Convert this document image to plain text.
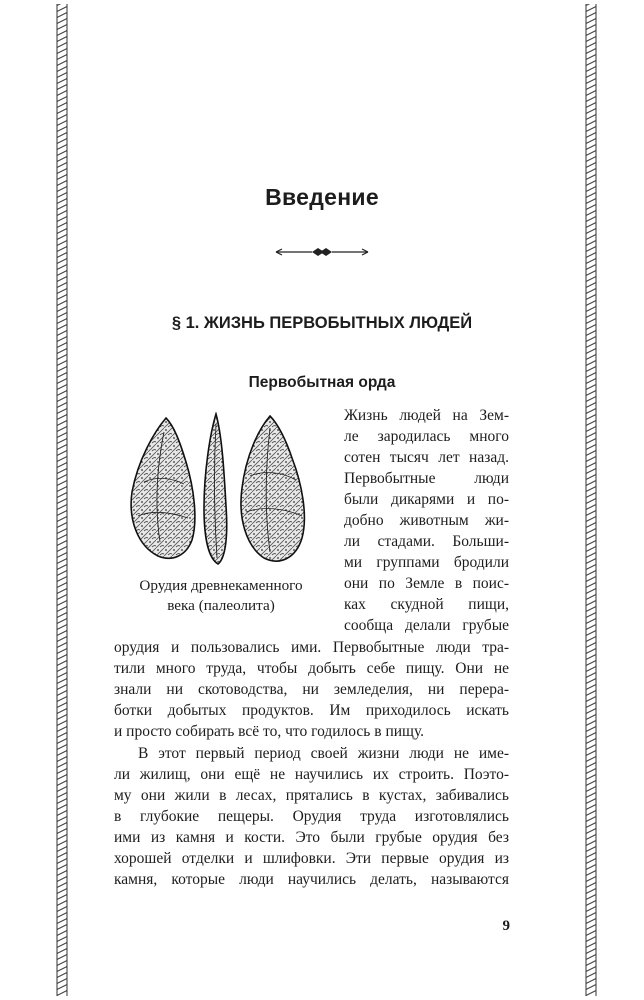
Введение
§ 1. ЖИЗНЬ ПЕРВОБЫТНЫХ ЛЮДЕЙ
Первобытная орда
Орудия древнекаменного
века (палеолита)
Жизнь людей на Зем-
ле зародилась много
сотен тысяч лет назад.
Первобытные люди
были дикарями и по-
добно животным жи-
ли стадами. Больши-
ми группами бродили
они по Земле в поис-
ках скудной пищи,
сообща делали грубые
орудия и пользовались ими. Первобытные люди тра-
тили много труда, чтобы добыть себе пищу. Они не
знали ни скотоводства, ни земледелия, ни перера-
ботки добытых продуктов. Им приходилось искать
и просто собирать всё то, что годилось в пищу.
В этот первый период своей жизни люди не име-
ли жилищ, они ещё не научились их строить. Поэто-
му они жили в лесах, прятались в кустах, забивались
в глубокие пещеры. Орудия труда изготовлялись
ими из камня и кости. Это были грубые орудия без
хорошей отделки и шлифовки. Эти первые орудия из
камня, которые люди научились делать, называются
9
